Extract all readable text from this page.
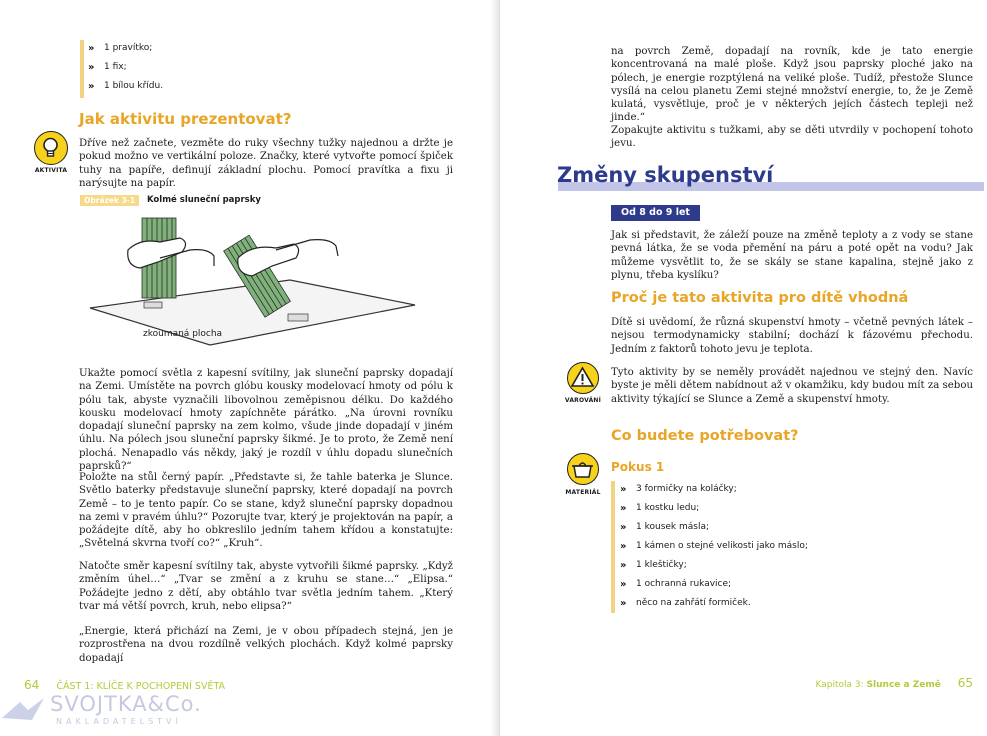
» 1 pravítko;
» 1 fix;
» 1 bílou křídu.
Jak aktivitu prezentovat?
AKTIVITA

Dříve než začnete, vezměte do ruky všechny tužky najednou a držte je pokud možno ve vertikální poloze. Značky, které vytvořte pomocí špiček tuhy na papíře, definují základní plochu. Pomocí pravítka a fixu ji narýsujte na papír.

Obrázek 3-1	Kolmé sluneční paprsky
zkoumaná plocha

Ukažte pomocí světla z kapesní svítilny, jak sluneční paprsky dopadají na Zemi. Umístěte na povrch glóbu kousky modelovací hmoty od pólu k pólu tak, abyste vyznačili libovolnou zeměpisnou délku. Do každého kousku modelovací hmoty zapíchněte párátko. „Na úrovni rovníku dopadají sluneční paprsky na zem kolmo, všude jinde dopadají v jiném úhlu. Na pólech jsou sluneční paprsky šikmé. Je to proto, že Země není plochá. Nenapadlo vás někdy, jaký je rozdíl v úhlu dopadu slunečních paprsků?“

Položte na stůl černý papír. „Představte si, že tahle baterka je Slunce. Světlo baterky představuje sluneční paprsky, které dopadají na povrch Země – to je tento papír. Co se stane, když sluneční paprsky dopadnou na zemi v pravém úhlu?“ Pozorujte tvar, který je projektován na papír, a požádejte dítě, aby ho obkreslilo jedním tahem křídou a konstatujte: „Světelná skvrna tvoří co?“ „Kruh“.

Natočte směr kapesní svítilny tak, abyste vytvořili šikmé paprsky. „Když změním úhel…“ „Tvar se změní a z kruhu se stane…“ „Elipsa.“ Požádejte jedno z dětí, aby obtáhlo tvar světla jedním tahem. „Který tvar má větší povrch, kruh, nebo elipsa?“

„Energie, která přichází na Zemi, je v obou případech stejná, jen je rozprostřena na dvou rozdílně velkých plochách. Když kolmé paprsky dopadají

64 ČÁST 1: KLÍČE K POCHOPENÍ SVĚTA
SVOJTKA&Co.
NAKLADATELSTVÍ

na povrch Země, dopadají na rovník, kde je tato energie koncentrovaná na malé ploše. Když jsou paprsky ploché jako na pólech, je energie rozptýlená na veliké ploše. Tudíž, přestože Slunce vysílá na celou planetu Zemi stejné množství energie, to, že je Země kulatá, vysvětluje, proč je v některých jejích částech tepleji než jinde.“

Zopakujte aktivitu s tužkami, aby se děti utvrdily v pochopení tohoto jevu.

Změny skupenství
Od 8 do 9 let

Jak si představit, že záleží pouze na změně teploty a z vody se stane pevná látka, že se voda přemění na páru a poté opět na vodu? Jak můžeme vysvětlit to, že se skály se stane kapalina, stejně jako z plynu, třeba kyslíku?

Proč je tato aktivita pro dítě vhodná

Dítě si uvědomí, že různá skupenství hmoty – včetně pevných látek – nejsou termodynamicky stabilní; dochází k fázovému přechodu. Jedním z faktorů tohoto jevu je teplota.

VAROVÁNÍ

Tyto aktivity by se neměly provádět najednou ve stejný den. Navíc byste je měli dětem nabídnout až v okamžiku, kdy budou mít za sebou aktivity týkající se Slunce a Země a skupenství hmoty.

Co budete potřebovat?
MATERIÁL
Pokus 1
» 3 formičky na koláčky;
» 1 kostku ledu;
» 1 kousek másla;
» 1 kámen o stejné velikosti jako máslo;
» 1 kleštičky;
» 1 ochranná rukavice;
» něco na zahřátí formiček.
Kapitola 3: Slunce a Země 65
